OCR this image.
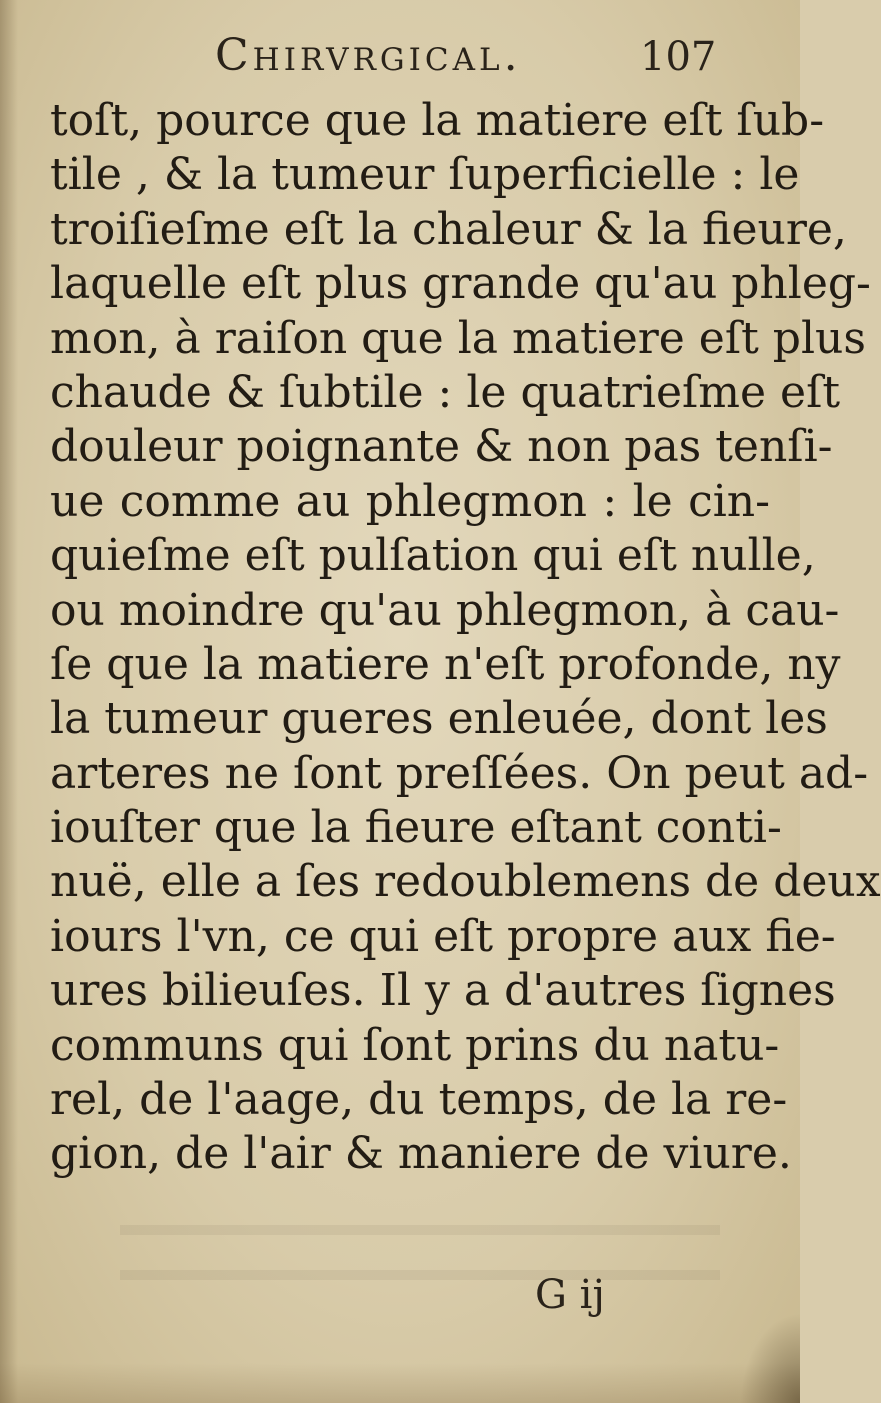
Chirvrgical.	107
toſt, pource que la matiere eſt ſub-
tile , & la tumeur ſuperficielle : le
troiſieſme eſt la chaleur & la fieure,
laquelle eſt plus grande qu'au phleg-
mon, à raiſon que la matiere eſt plus
chaude & ſubtile : le quatrieſme eſt
douleur poignante & non pas tenſi-
ue comme au phlegmon : le cin-
quieſme eſt pulſation qui eſt nulle,
ou moindre qu'au phlegmon, à cau-
ſe que la matiere n'eſt profonde, ny
la tumeur gueres enleuée, dont les
arteres ne ſont preſſées. On peut ad-
iouſter que la fieure eſtant conti-
nuë, elle a ſes redoublemens de deux
iours l'vn, ce qui eſt propre aux fie-
ures bilieuſes. Il y a d'autres ſignes
communs qui ſont prins du natu-
rel, de l'aage, du temps, de la re-
gion, de l'air & maniere de viure.
G ij
